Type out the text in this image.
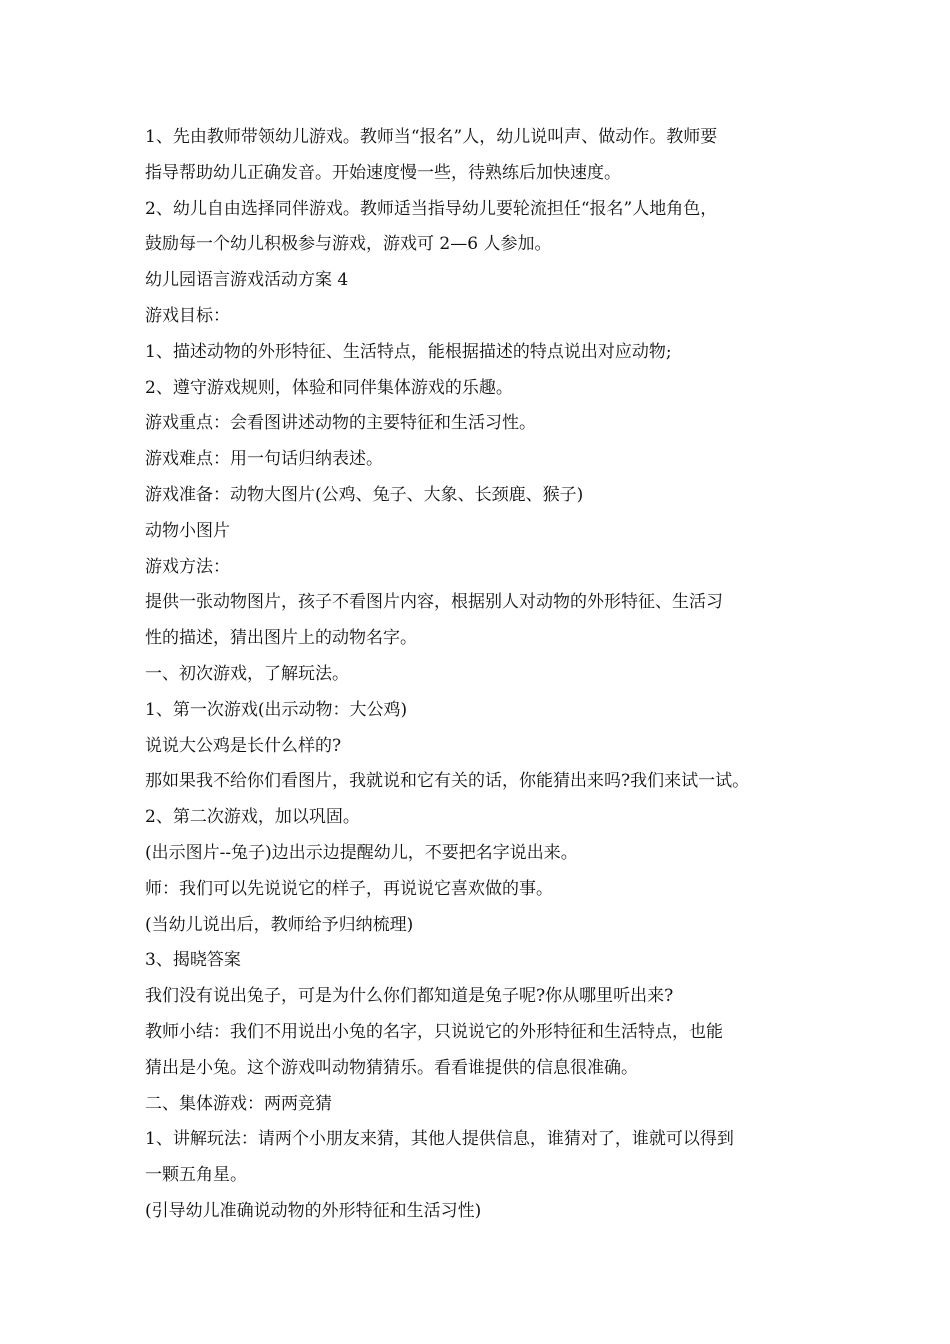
1、先由教师带领幼儿游戏。教师当“报名”人，幼儿说叫声、做动作。教师要

指导帮助幼儿正确发音。开始速度慢一些，待熟练后加快速度。

2、幼儿自由选择同伴游戏。教师适当指导幼儿要轮流担任“报名”人地角色，

鼓励每一个幼儿积极参与游戏，游戏可 2—6 人参加。

幼儿园语言游戏活动方案 4

游戏目标：

1、描述动物的外形特征、生活特点，能根据描述的特点说出对应动物;

2、遵守游戏规则，体验和同伴集体游戏的乐趣。

游戏重点：会看图讲述动物的主要特征和生活习性。

游戏难点：用一句话归纳表述。

游戏准备：动物大图片(公鸡、兔子、大象、长颈鹿、猴子)

动物小图片

游戏方法：

提供一张动物图片，孩子不看图片内容，根据别人对动物的外形特征、生活习

性的描述，猜出图片上的动物名字。

一、初次游戏，了解玩法。

1、第一次游戏(出示动物：大公鸡)

说说大公鸡是长什么样的?

那如果我不给你们看图片，我就说和它有关的话，你能猜出来吗?我们来试一试。

2、第二次游戏，加以巩固。

(出示图片--兔子)边出示边提醒幼儿，不要把名字说出来。

师：我们可以先说说它的样子，再说说它喜欢做的事。

(当幼儿说出后，教师给予归纳梳理)

3、揭晓答案

我们没有说出兔子，可是为什么你们都知道是兔子呢?你从哪里听出来?

教师小结：我们不用说出小兔的名字，只说说它的外形特征和生活特点，也能

猜出是小兔。这个游戏叫动物猜猜乐。看看谁提供的信息很准确。

二、集体游戏：两两竞猜

1、讲解玩法：请两个小朋友来猜，其他人提供信息，谁猜对了，谁就可以得到

一颗五角星。

(引导幼儿准确说动物的外形特征和生活习性)
